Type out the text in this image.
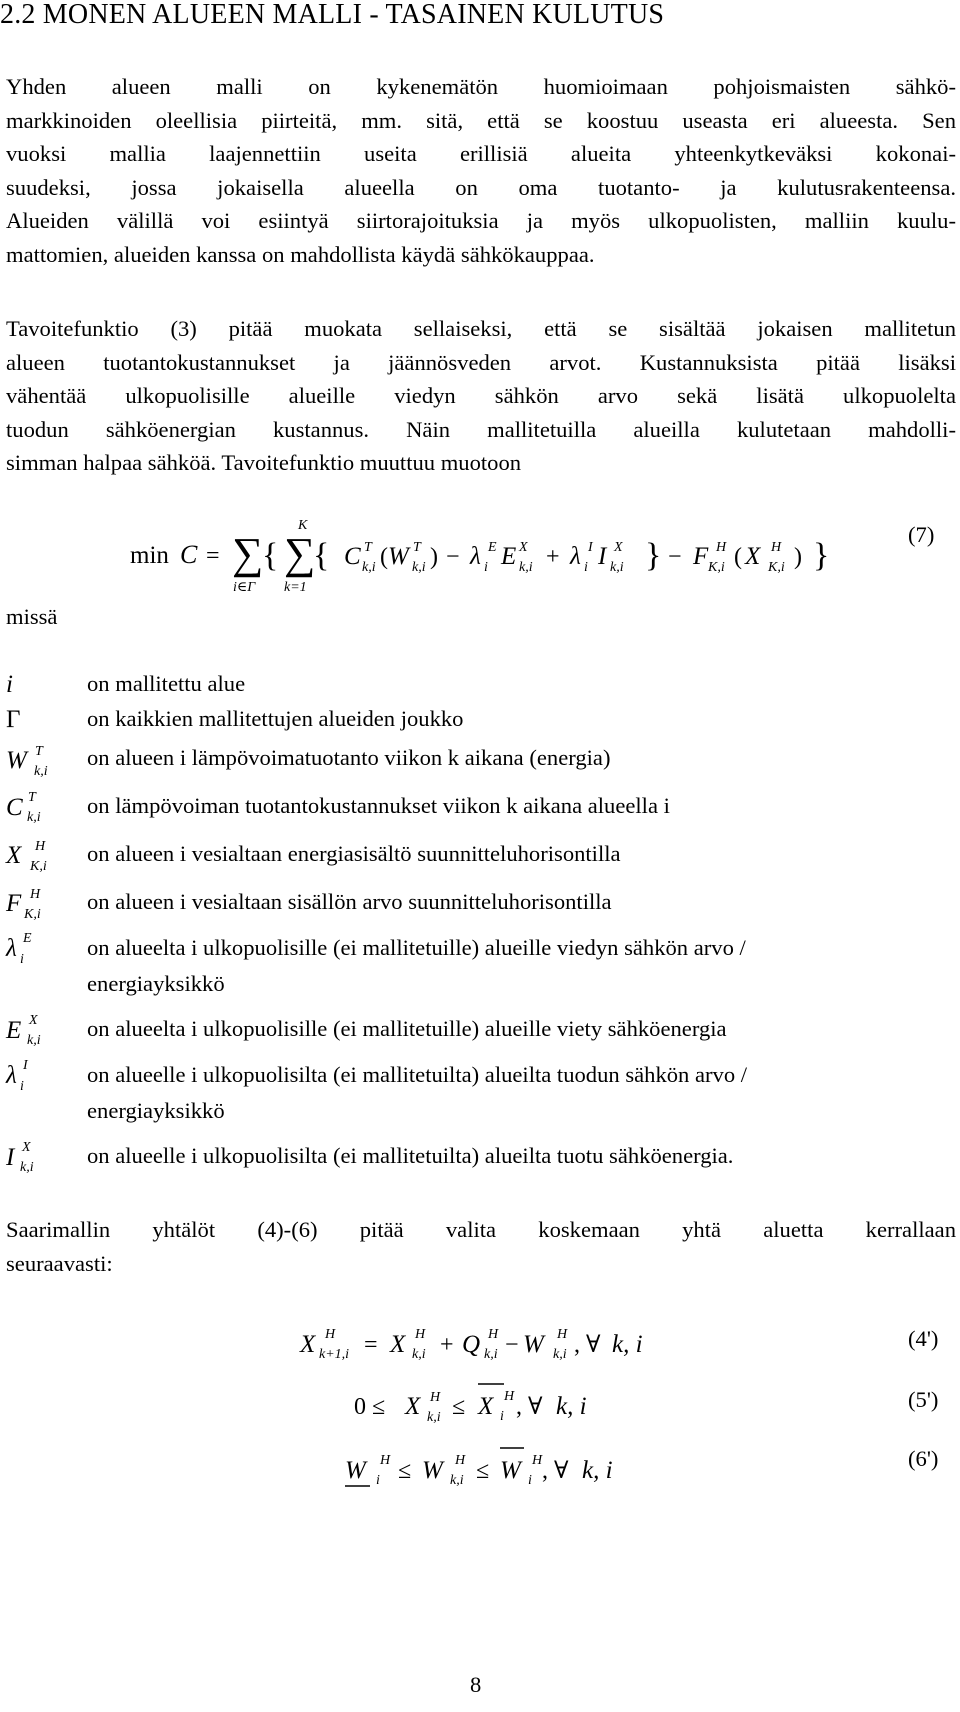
2.2 MONEN ALUEEN MALLI - TASAINEN KULUTUS
Yhden alueen malli on kykenemätön huomioimaan pohjoismaisten sähkö-
markkinoiden oleellisia piirteitä, mm. sitä, että se koostuu useasta eri alueesta. Sen
vuoksi mallia laajennettiin useita erillisiä alueita yhteenkytkeväksi kokonai-
suudeksi, jossa jokaisella alueella on oma tuotanto- ja kulutusrakenteensa.
Alueiden välillä voi esiintyä siirtorajoituksia ja myös ulkopuolisten, malliin kuulu-
mattomien, alueiden kanssa on mahdollista käydä sähkökauppaa.
Tavoitefunktio (3) pitää muokata sellaiseksi, että se sisältää jokaisen mallitetun
alueen tuotantokustannukset ja jäännösveden arvot. Kustannuksista pitää lisäksi
vähentää ulkopuolisille alueille viedyn sähkön arvo sekä lisätä ulkopuolelta
tuodun sähköenergian kustannus. Näin mallitetuilla alueilla kulutetaan mahdolli-
simman halpaa sähköä. Tavoitefunktio muuttuu muotoon
min C = ∑
i∈Γ
{
K
∑
k=1
{ C T
k,i ( W T
k,i ) − λ E
i E X
k,i + λ I
i I X
k,i } − F H
K,i ( X H
K,i ) }
i
Γ
W T
k,i
C T
k,i
X H
K,i
F H
K,i
λ E
i
E X
k,i
λ I
i
I X
k,i
X H
k+1,i = X H
k,i + Q H
k,i − W H
k,i , ∀ k, i
0 ≤ X H
k,i ≤ X H
i , ∀ k, i
W H
i ≤ W H
k,i ≤ W H
i , ∀ k, i
(7)
missä
on mallitettu alue
on kaikkien mallitettujen alueiden joukko
on alueen i lämpövoimatuotanto viikon k aikana (energia)
on lämpövoiman tuotantokustannukset viikon k aikana alueella i
on alueen i vesialtaan energiasisältö suunnitteluhorisontilla
on alueen i vesialtaan sisällön arvo suunnitteluhorisontilla
on alueelta i ulkopuolisille (ei mallitetuille) alueille viedyn sähkön arvo /
energiayksikkö
on alueelta i ulkopuolisille (ei mallitetuille) alueille viety sähköenergia
on alueelle i ulkopuolisilta (ei mallitetuilta) alueilta tuodun sähkön arvo /
energiayksikkö
on alueelle i ulkopuolisilta (ei mallitetuilta) alueilta tuotu sähköenergia.
Saarimallin yhtälöt (4)-(6) pitää valita koskemaan yhtä aluetta kerrallaan
seuraavasti:
(4')
(5')
(6')
8
